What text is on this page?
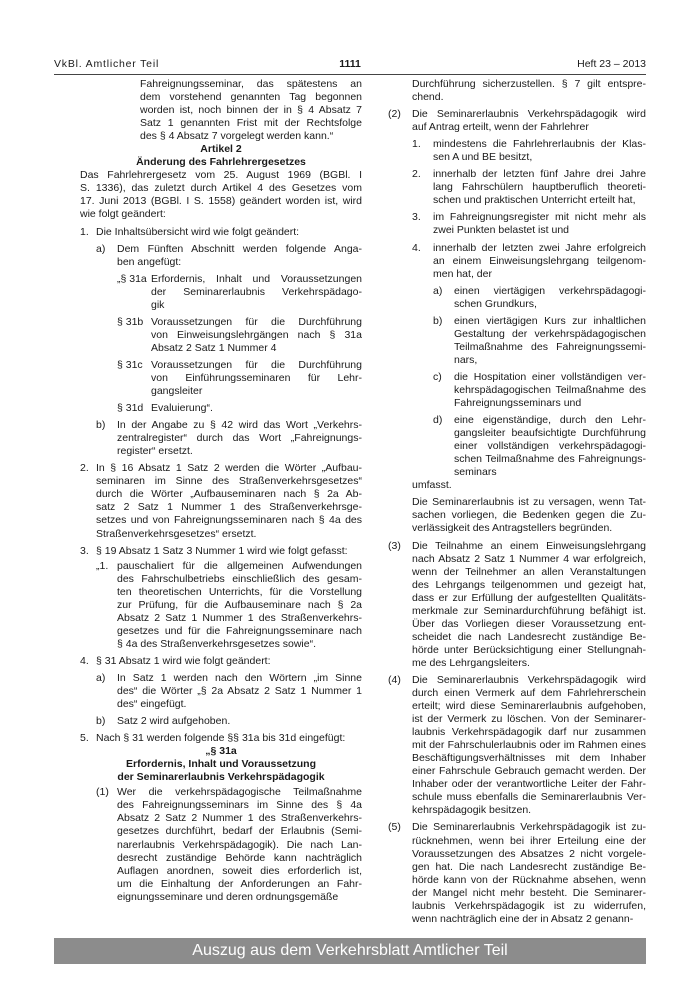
VkBl. Amtlicher Teil	1111	Heft 23 – 2013
Fahreignungsseminar, das spätestens an
dem vorstehend genannten Tag begonnen
worden ist, noch binnen der in § 4 Absatz 7
Satz 1 genannten Frist mit der Rechtsfolge
des § 4 Absatz 7 vorgelegt werden kann.“

Artikel 2

Änderung des Fahrlehrergesetzes

Das Fahrlehrergesetz vom 25. August 1969 (BGBl. I
S. 1336), das zuletzt durch Artikel 4 des Gesetzes vom
17. Juni 2013 (BGBl. I S. 1558) geändert worden ist, wird
wie folgt geändert:
1. Die Inhaltsübersicht wird wie folgt geändert:
a)	Dem Fünften Abschnitt werden folgende Anga-
ben angefügt:
„§ 31a Erfordernis, Inhalt und Voraussetzungen
der Seminarerlaubnis Verkehrspädago-
gik
§ 31b Voraussetzungen für die Durchführung
von Einweisungslehrgängen nach § 31a
Absatz 2 Satz 1 Nummer 4
§ 31c Voraussetzungen für die Durchführung
von Einführungsseminaren für Lehr-
gangsleiter
§ 31d Evaluierung“.
b)	In der Angabe zu § 42 wird das Wort „Verkehrs-
zentralregister“ durch das Wort „Fahreignungs-
register“ ersetzt.
2. In § 16 Absatz 1 Satz 2 werden die Wörter „Aufbau-
seminaren im Sinne des Straßenverkehrsgesetzes“
durch die Wörter „Aufbauseminaren nach § 2a Ab-
satz 2 Satz 1 Nummer 1 des Straßenverkehrsge-
setzes und von Fahreignungsseminaren nach § 4a des
Straßenverkehrsgesetzes“ ersetzt.
3. § 19 Absatz 1 Satz 3 Nummer 1 wird wie folgt gefasst:
„1. pauschaliert für die allgemeinen Aufwendungen
des Fahrschulbetriebs einschließlich des gesam-
ten theoretischen Unterrichts, für die Vorstellung
zur Prüfung, für die Aufbauseminare nach § 2a
Absatz 2 Satz 1 Nummer 1 des Straßenverkehrs-
gesetzes und für die Fahreignungsseminare nach
§ 4a des Straßenverkehrsgesetzes sowie“.
4. § 31 Absatz 1 wird wie folgt geändert:
a)	In Satz 1 werden nach den Wörtern „im Sinne
des“ die Wörter „§ 2a Absatz 2 Satz 1 Nummer 1
des“ eingefügt.
b)	Satz 2 wird aufgehoben.
5. Nach § 31 werden folgende §§ 31a bis 31d eingefügt:

„§ 31a

Erfordernis, Inhalt und Voraussetzung
der Seminarerlaubnis Verkehrspädagogik
(1) Wer die verkehrspädagogische Teilmaßnahme
des Fahreignungsseminars im Sinne des § 4a
Absatz 2 Satz 2 Nummer 1 des Straßenverkehrs-
gesetzes durchführt, bedarf der Erlaubnis (Semi-
narerlaubnis Verkehrspädagogik). Die nach Lan-
desrecht zuständige Behörde kann nachträglich
Auflagen anordnen, soweit dies erforderlich ist,
um die Einhaltung der Anforderungen an Fahr-
eignungsseminare und deren ordnungsgemäße
Durchführung sicherzustellen. § 7 gilt entspre-
chend.
(2)	Die Seminarerlaubnis Verkehrspädagogik wird
auf Antrag erteilt, wenn der Fahrlehrer
1.	mindestens die Fahrlehrerlaubnis der Klas-
sen A und BE besitzt,
2.	innerhalb der letzten fünf Jahre drei Jahre
lang Fahrschülern hauptberuflich theoreti-
schen und praktischen Unterricht erteilt hat,
3.	im Fahreignungsregister mit nicht mehr als
zwei Punkten belastet ist und
4.	innerhalb der letzten zwei Jahre erfolgreich
an einem Einweisungslehrgang teilgenom-
men hat, der
a)	einen viertägigen verkehrspädagogi-
schen Grundkurs,
b)	einen viertägigen Kurs zur inhaltlichen
Gestaltung der verkehrspädagogischen
Teilmaßnahme des Fahreignungssemi-
nars,
c)	die Hospitation einer vollständigen ver-
kehrspädagogischen Teilmaßnahme des
Fahreignungsseminars und
d)	eine eigenständige, durch den Lehr-
gangsleiter beaufsichtigte Durchführung
einer vollständigen verkehrspädagogi-
schen Teilmaßnahme des Fahreignungs-
seminars

umfasst.

Die Seminarerlaubnis ist zu versagen, wenn Tat-
sachen vorliegen, die Bedenken gegen die Zu-
verlässigkeit des Antragstellers begründen.
(3)	Die Teilnahme an einem Einweisungslehrgang
nach Absatz 2 Satz 1 Nummer 4 war erfolgreich,
wenn der Teilnehmer an allen Veranstaltungen
des Lehrgangs teilgenommen und gezeigt hat,
dass er zur Erfüllung der aufgestellten Qualitäts-
merkmale zur Seminardurchführung befähigt ist.
Über das Vorliegen dieser Voraussetzung ent-
scheidet die nach Landesrecht zuständige Be-
hörde unter Berücksichtigung einer Stellungnah-
me des Lehrgangsleiters.
(4)	Die Seminarerlaubnis Verkehrspädagogik wird
durch einen Vermerk auf dem Fahrlehrerschein
erteilt; wird diese Seminarerlaubnis aufgehoben,
ist der Vermerk zu löschen. Von der Seminarer-
laubnis Verkehrspädagogik darf nur zusammen
mit der Fahrschulerlaubnis oder im Rahmen eines
Beschäftigungsverhältnisses mit dem Inhaber
einer Fahrschule Gebrauch gemacht werden. Der
Inhaber oder der verantwortliche Leiter der Fahr-
schule muss ebenfalls die Seminarerlaubnis Ver-
kehrspädagogik besitzen.
(5)	Die Seminarerlaubnis Verkehrspädagogik ist zu-
rücknehmen, wenn bei ihrer Erteilung eine der
Voraussetzungen des Absatzes 2 nicht vorgele-
gen hat. Die nach Landesrecht zuständige Be-
hörde kann von der Rücknahme absehen, wenn
der Mangel nicht mehr besteht. Die Seminarer-
laubnis Verkehrspädagogik ist zu widerrufen,
wenn nachträglich eine der in Absatz 2 genann-
Auszug aus dem Verkehrsblatt Amtlicher Teil
